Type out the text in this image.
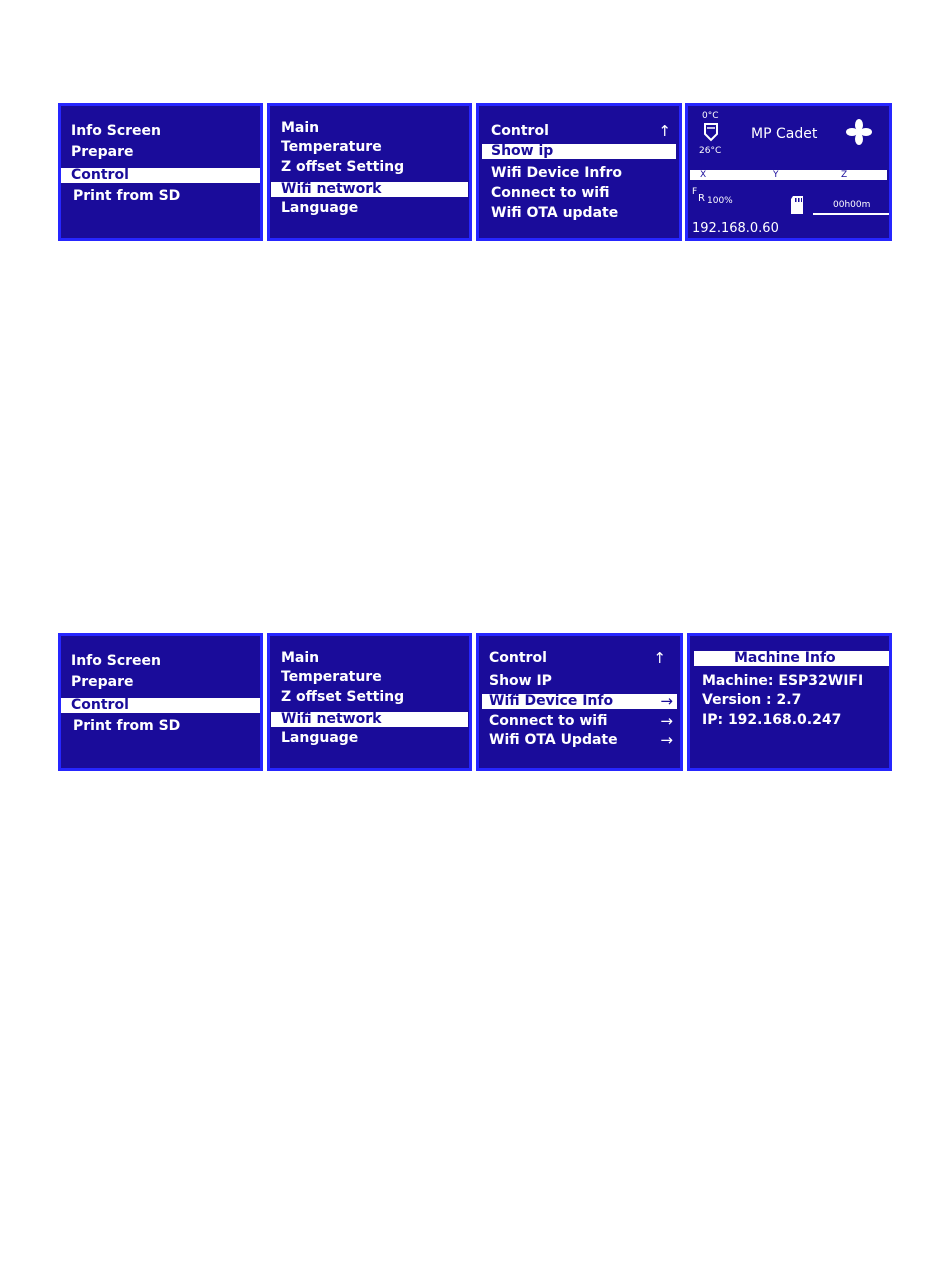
Info Screen
Prepare
Control
Print from SD
Main
Temperature
Z offset Setting
Wifi network
Language
Control	↑
Show ip
Wifi Device Infro
Connect to wifi
Wifi OTA update
0°C
26°C
MP Cadet
X	Y	Z
F
R 100%	00h00m
192.168.0.60
Info Screen
Prepare
Control
Print from SD
Main
Temperature
Z offset Setting
Wifi network
Language
Control	↑
Show IP
Wifi Device Info	→
Connect to wifi	→
Wifi OTA Update	→
Machine Info
Machine: ESP32WIFI
Version : 2.7
IP: 192.168.0.247
